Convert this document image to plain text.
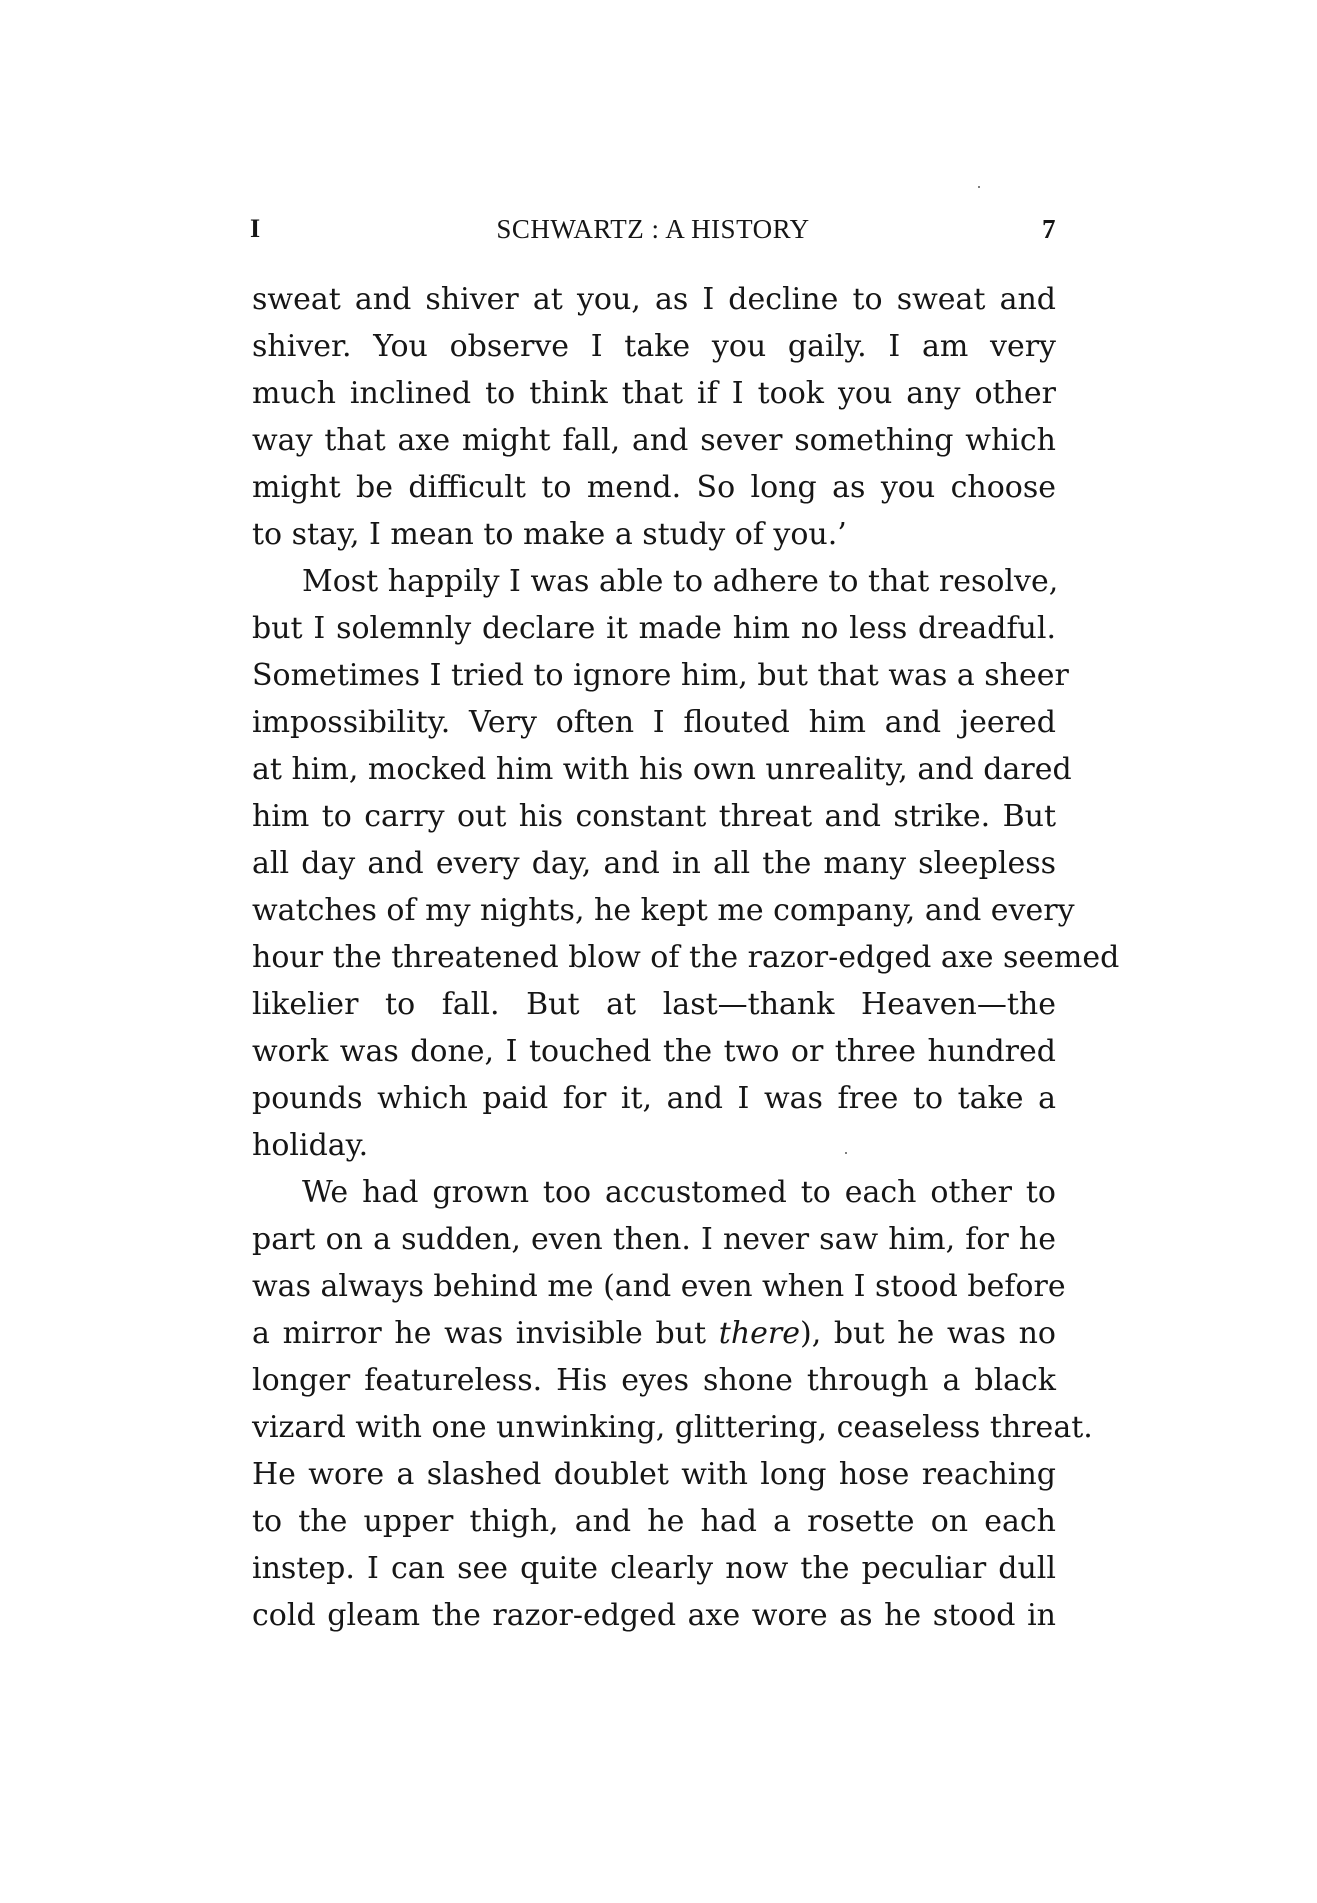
I	SCHWARTZ : A HISTORY	7
sweat and shiver at you, as I decline to sweat and
shiver. You observe I take you gaily. I am very
much inclined to think that if I took you any other
way that axe might fall, and sever something which
might be difficult to mend. So long as you choose
to stay, I mean to make a study of you.’
Most happily I was able to adhere to that resolve,
but I solemnly declare it made him no less dreadful.
Sometimes I tried to ignore him, but that was a sheer
impossibility. Very often I flouted him and jeered
at him, mocked him with his own unreality, and dared
him to carry out his constant threat and strike. But
all day and every day, and in all the many sleepless
watches of my nights, he kept me company, and every
hour the threatened blow of the razor-edged axe seemed
likelier to fall. But at last—thank Heaven—the
work was done, I touched the two or three hundred
pounds which paid for it, and I was free to take a
holiday.
We had grown too accustomed to each other to
part on a sudden, even then. I never saw him, for he
was always behind me (and even when I stood before
a mirror he was invisible but there), but he was no
longer featureless. His eyes shone through a black
vizard with one unwinking, glittering, ceaseless threat.
He wore a slashed doublet with long hose reaching
to the upper thigh, and he had a rosette on each
instep. I can see quite clearly now the peculiar dull
cold gleam the razor-edged axe wore as he stood in
